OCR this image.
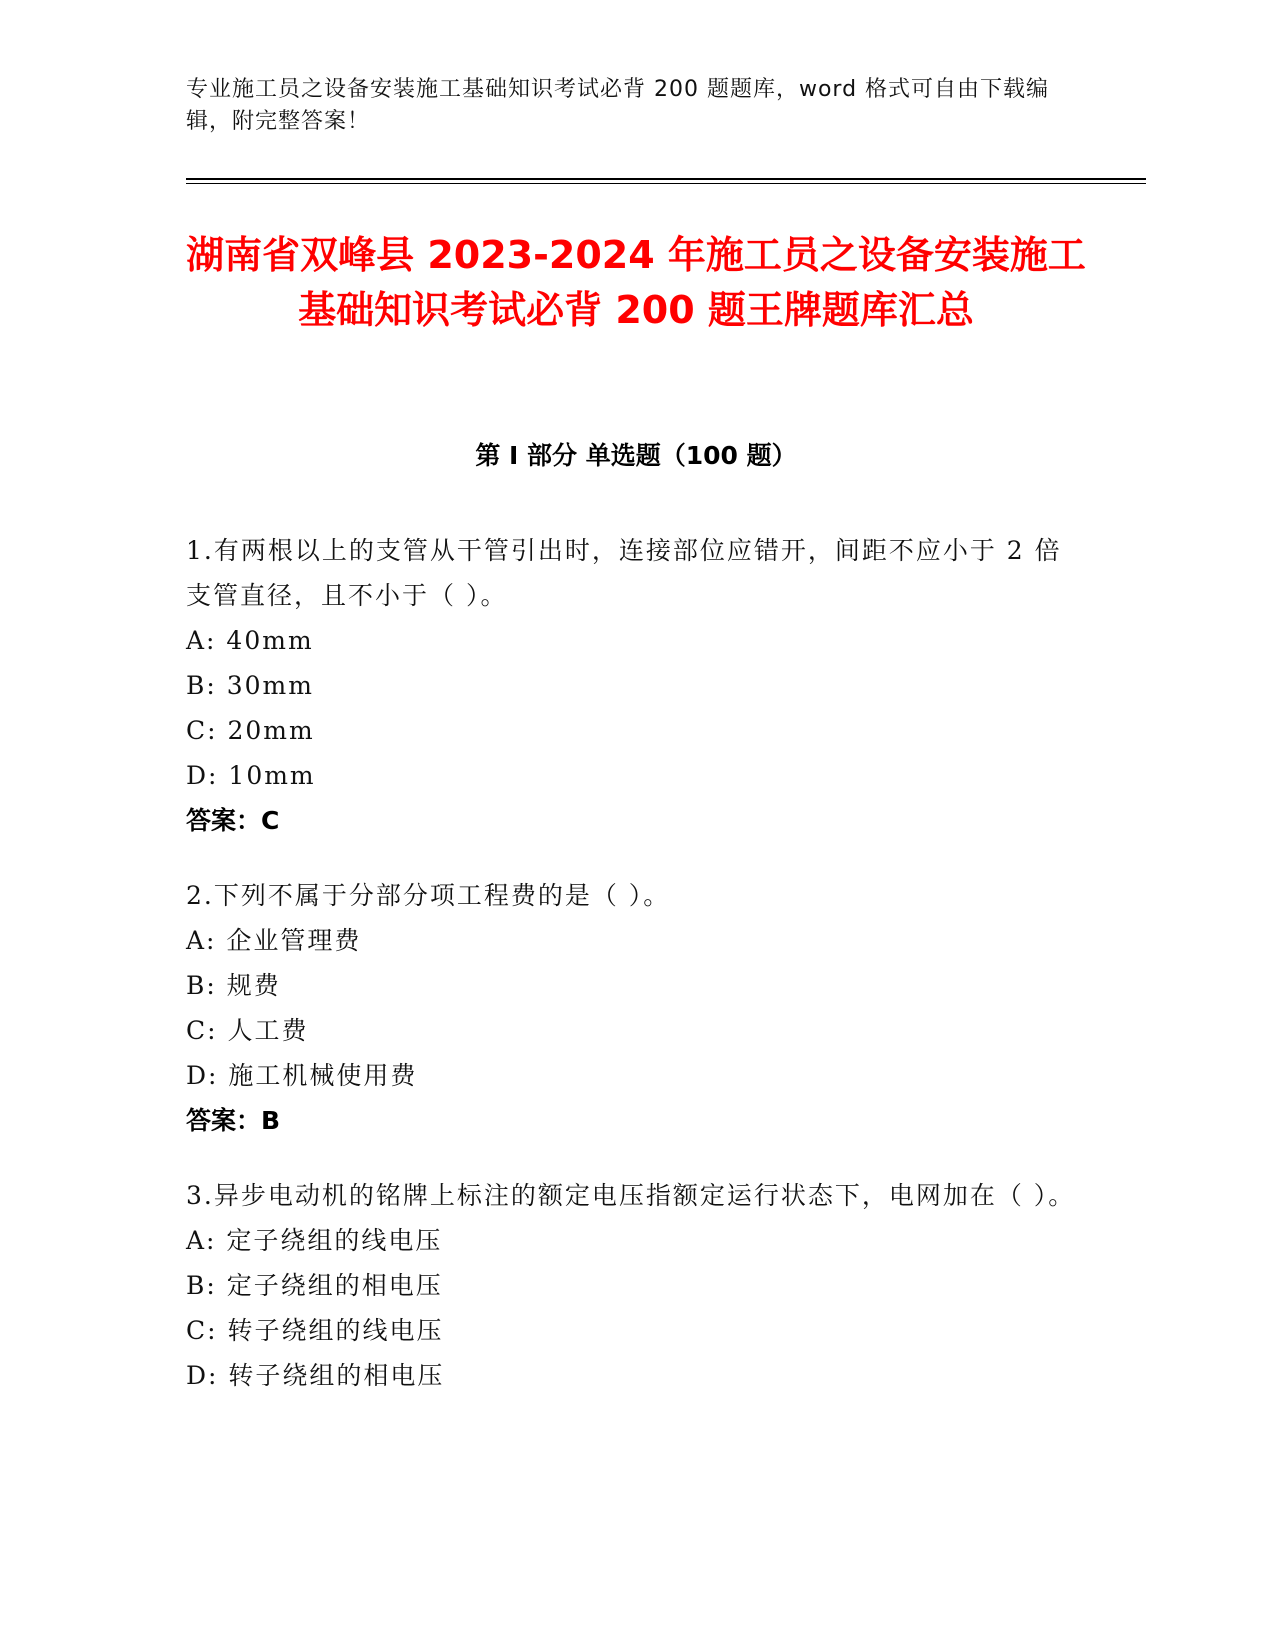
专业施工员之设备安装施工基础知识考试必背 200 题题库，word 格式可自由下载编辑，附完整答案！
湖南省双峰县 2023-2024 年施工员之设备安装施工基础知识考试必背 200 题王牌题库汇总
第 I 部分 单选题（100 题）
1.有两根以上的支管从干管引出时，连接部位应错开，间距不应小于 2 倍支管直径，且不小于（ ）。
A: 40mm
B: 30mm
C: 20mm
D: 10mm
答案：C
2.下列不属于分部分项工程费的是（ ）。
A: 企业管理费
B: 规费
C: 人工费
D: 施工机械使用费
答案：B
3.异步电动机的铭牌上标注的额定电压指额定运行状态下，电网加在（ ）。
A: 定子绕组的线电压
B: 定子绕组的相电压
C: 转子绕组的线电压
D: 转子绕组的相电压
